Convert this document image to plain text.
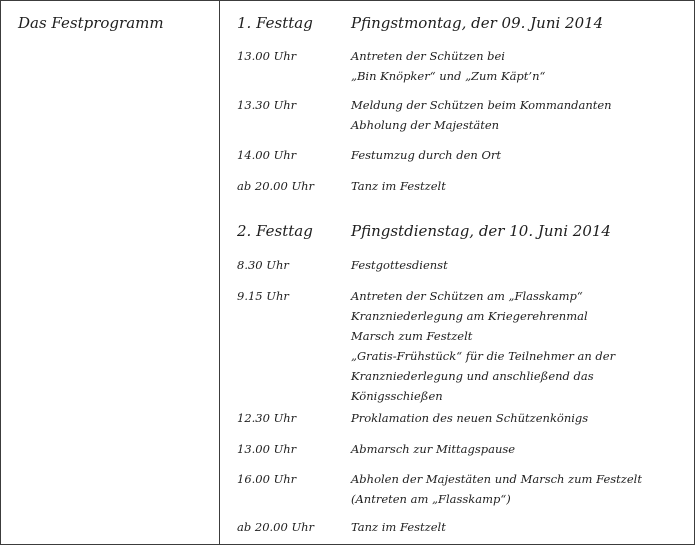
Das Festprogramm	1. Festtag	Pfingstmontag, der 09. Juni 2014
13.00 Uhr	Antreten der Schützen bei
„Bin Knöpker“ und „Zum Käpt’n“
13.30 Uhr	Meldung der Schützen beim Kommandanten
Abholung der Majestäten
14.00 Uhr	Festumzug durch den Ort
ab 20.00 Uhr	Tanz im Festzelt
2. Festtag	Pfingstdienstag, der 10. Juni 2014
8.30 Uhr	Festgottesdienst
9.15 Uhr	Antreten der Schützen am „Flasskamp“
Kranzniederlegung am Kriegerehrenmal
Marsch zum Festzelt
„Gratis-Frühstück“ für die Teilnehmer an der
Kranzniederlegung und anschließend das
Königsschießen
12.30 Uhr	Proklamation des neuen Schützenkönigs
13.00 Uhr	Abmarsch zur Mittagspause
16.00 Uhr	Abholen der Majestäten und Marsch zum Festzelt
(Antreten am „Flasskamp“)
ab 20.00 Uhr	Tanz im Festzelt
